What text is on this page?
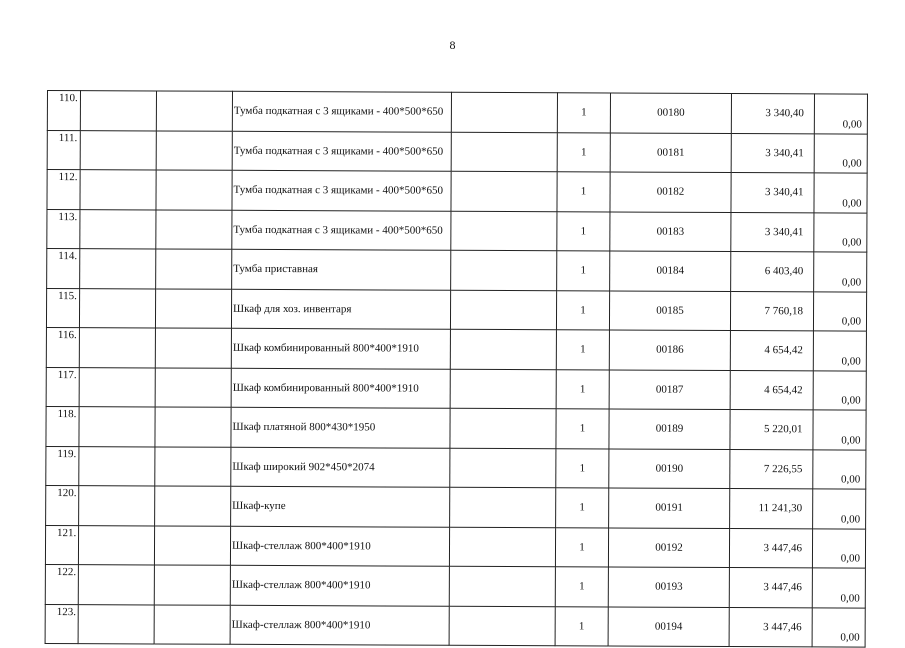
8
110.			Тумба подкатная с 3 ящиками - 400*500*650		1	00180	3 340,40	0,00
111.			Тумба подкатная с 3 ящиками - 400*500*650		1	00181	3 340,41	0,00
112.			Тумба подкатная с 3 ящиками - 400*500*650		1	00182	3 340,41	0,00
113.			Тумба подкатная с 3 ящиками - 400*500*650		1	00183	3 340,41	0,00
114.			Тумба приставная		1	00184	6 403,40	0,00
115.			Шкаф для хоз. инвентаря		1	00185	7 760,18	0,00
116.			Шкаф комбинированный 800*400*1910		1	00186	4 654,42	0,00
117.			Шкаф комбинированный 800*400*1910		1	00187	4 654,42	0,00
118.			Шкаф платяной 800*430*1950		1	00189	5 220,01	0,00
119.			Шкаф широкий 902*450*2074		1	00190	7 226,55	0,00
120.			Шкаф-купе		1	00191	11 241,30	0,00
121.			Шкаф-стеллаж 800*400*1910		1	00192	3 447,46	0,00
122.			Шкаф-стеллаж 800*400*1910		1	00193	3 447,46	0,00
123.			Шкаф-стеллаж 800*400*1910		1	00194	3 447,46	0,00
